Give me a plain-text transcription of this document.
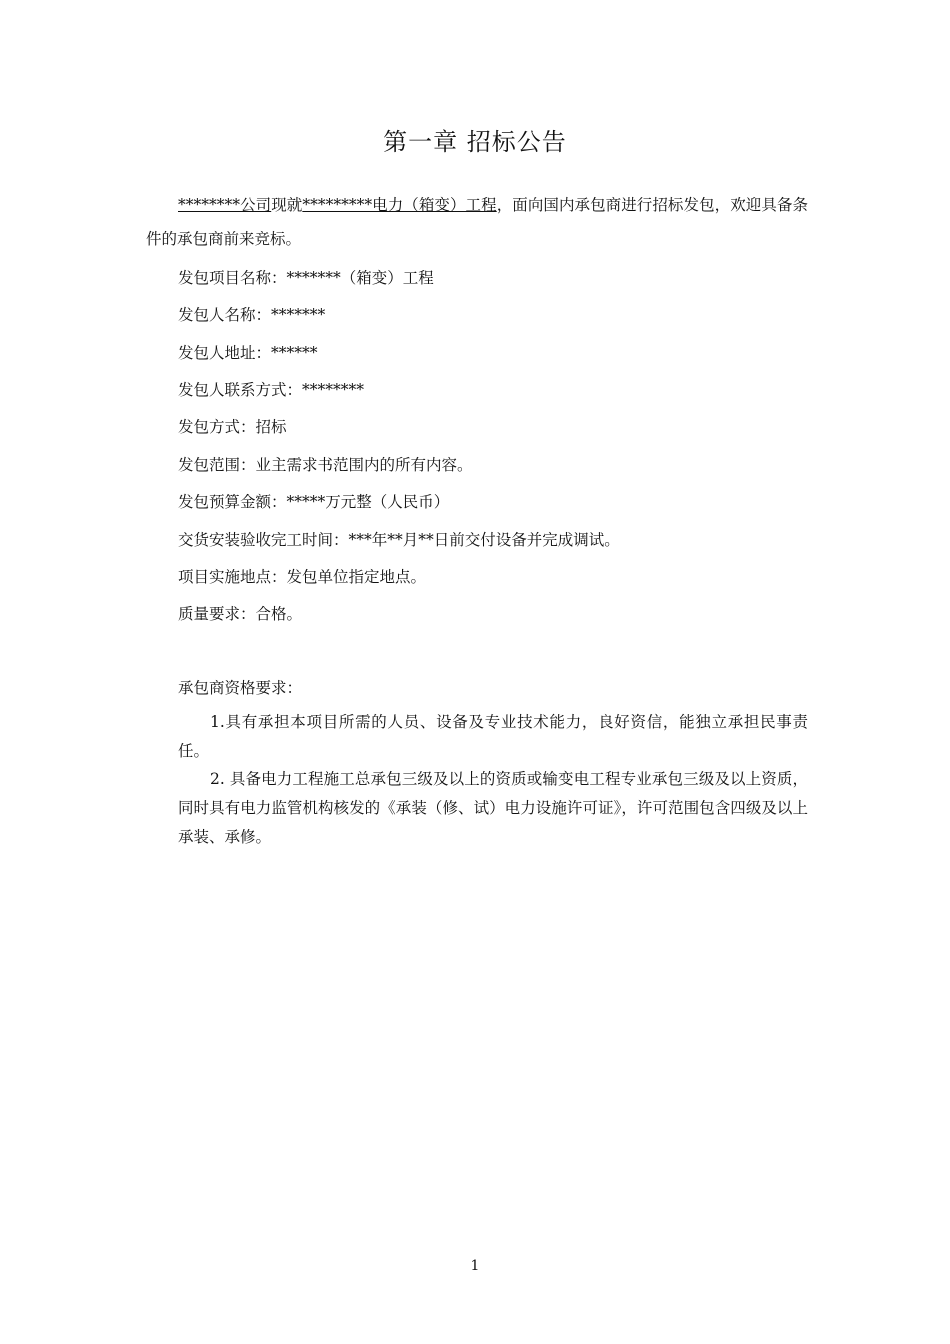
第一章 招标公告
********公司现就*********电力（箱变）工程，面向国内承包商进行招标发包，欢迎具备条件的承包商前来竞标。
发包项目名称：*******（箱变）工程
发包人名称：*******
发包人地址：******
发包人联系方式：********
发包方式：招标
发包范围：业主需求书范围内的所有内容。
发包预算金额：*****万元整（人民币）
交货安装验收完工时间：***年**月**日前交付设备并完成调试。
项目实施地点：发包单位指定地点。
质量要求：合格。
承包商资格要求：
1.具有承担本项目所需的人员、设备及专业技术能力，良好资信，能独立承担民事责任。
2. 具备电力工程施工总承包三级及以上的资质或输变电工程专业承包三级及以上资质，同时具有电力监管机构核发的《承装（修、试）电力设施许可证》，许可范围包含四级及以上承装、承修。
1
